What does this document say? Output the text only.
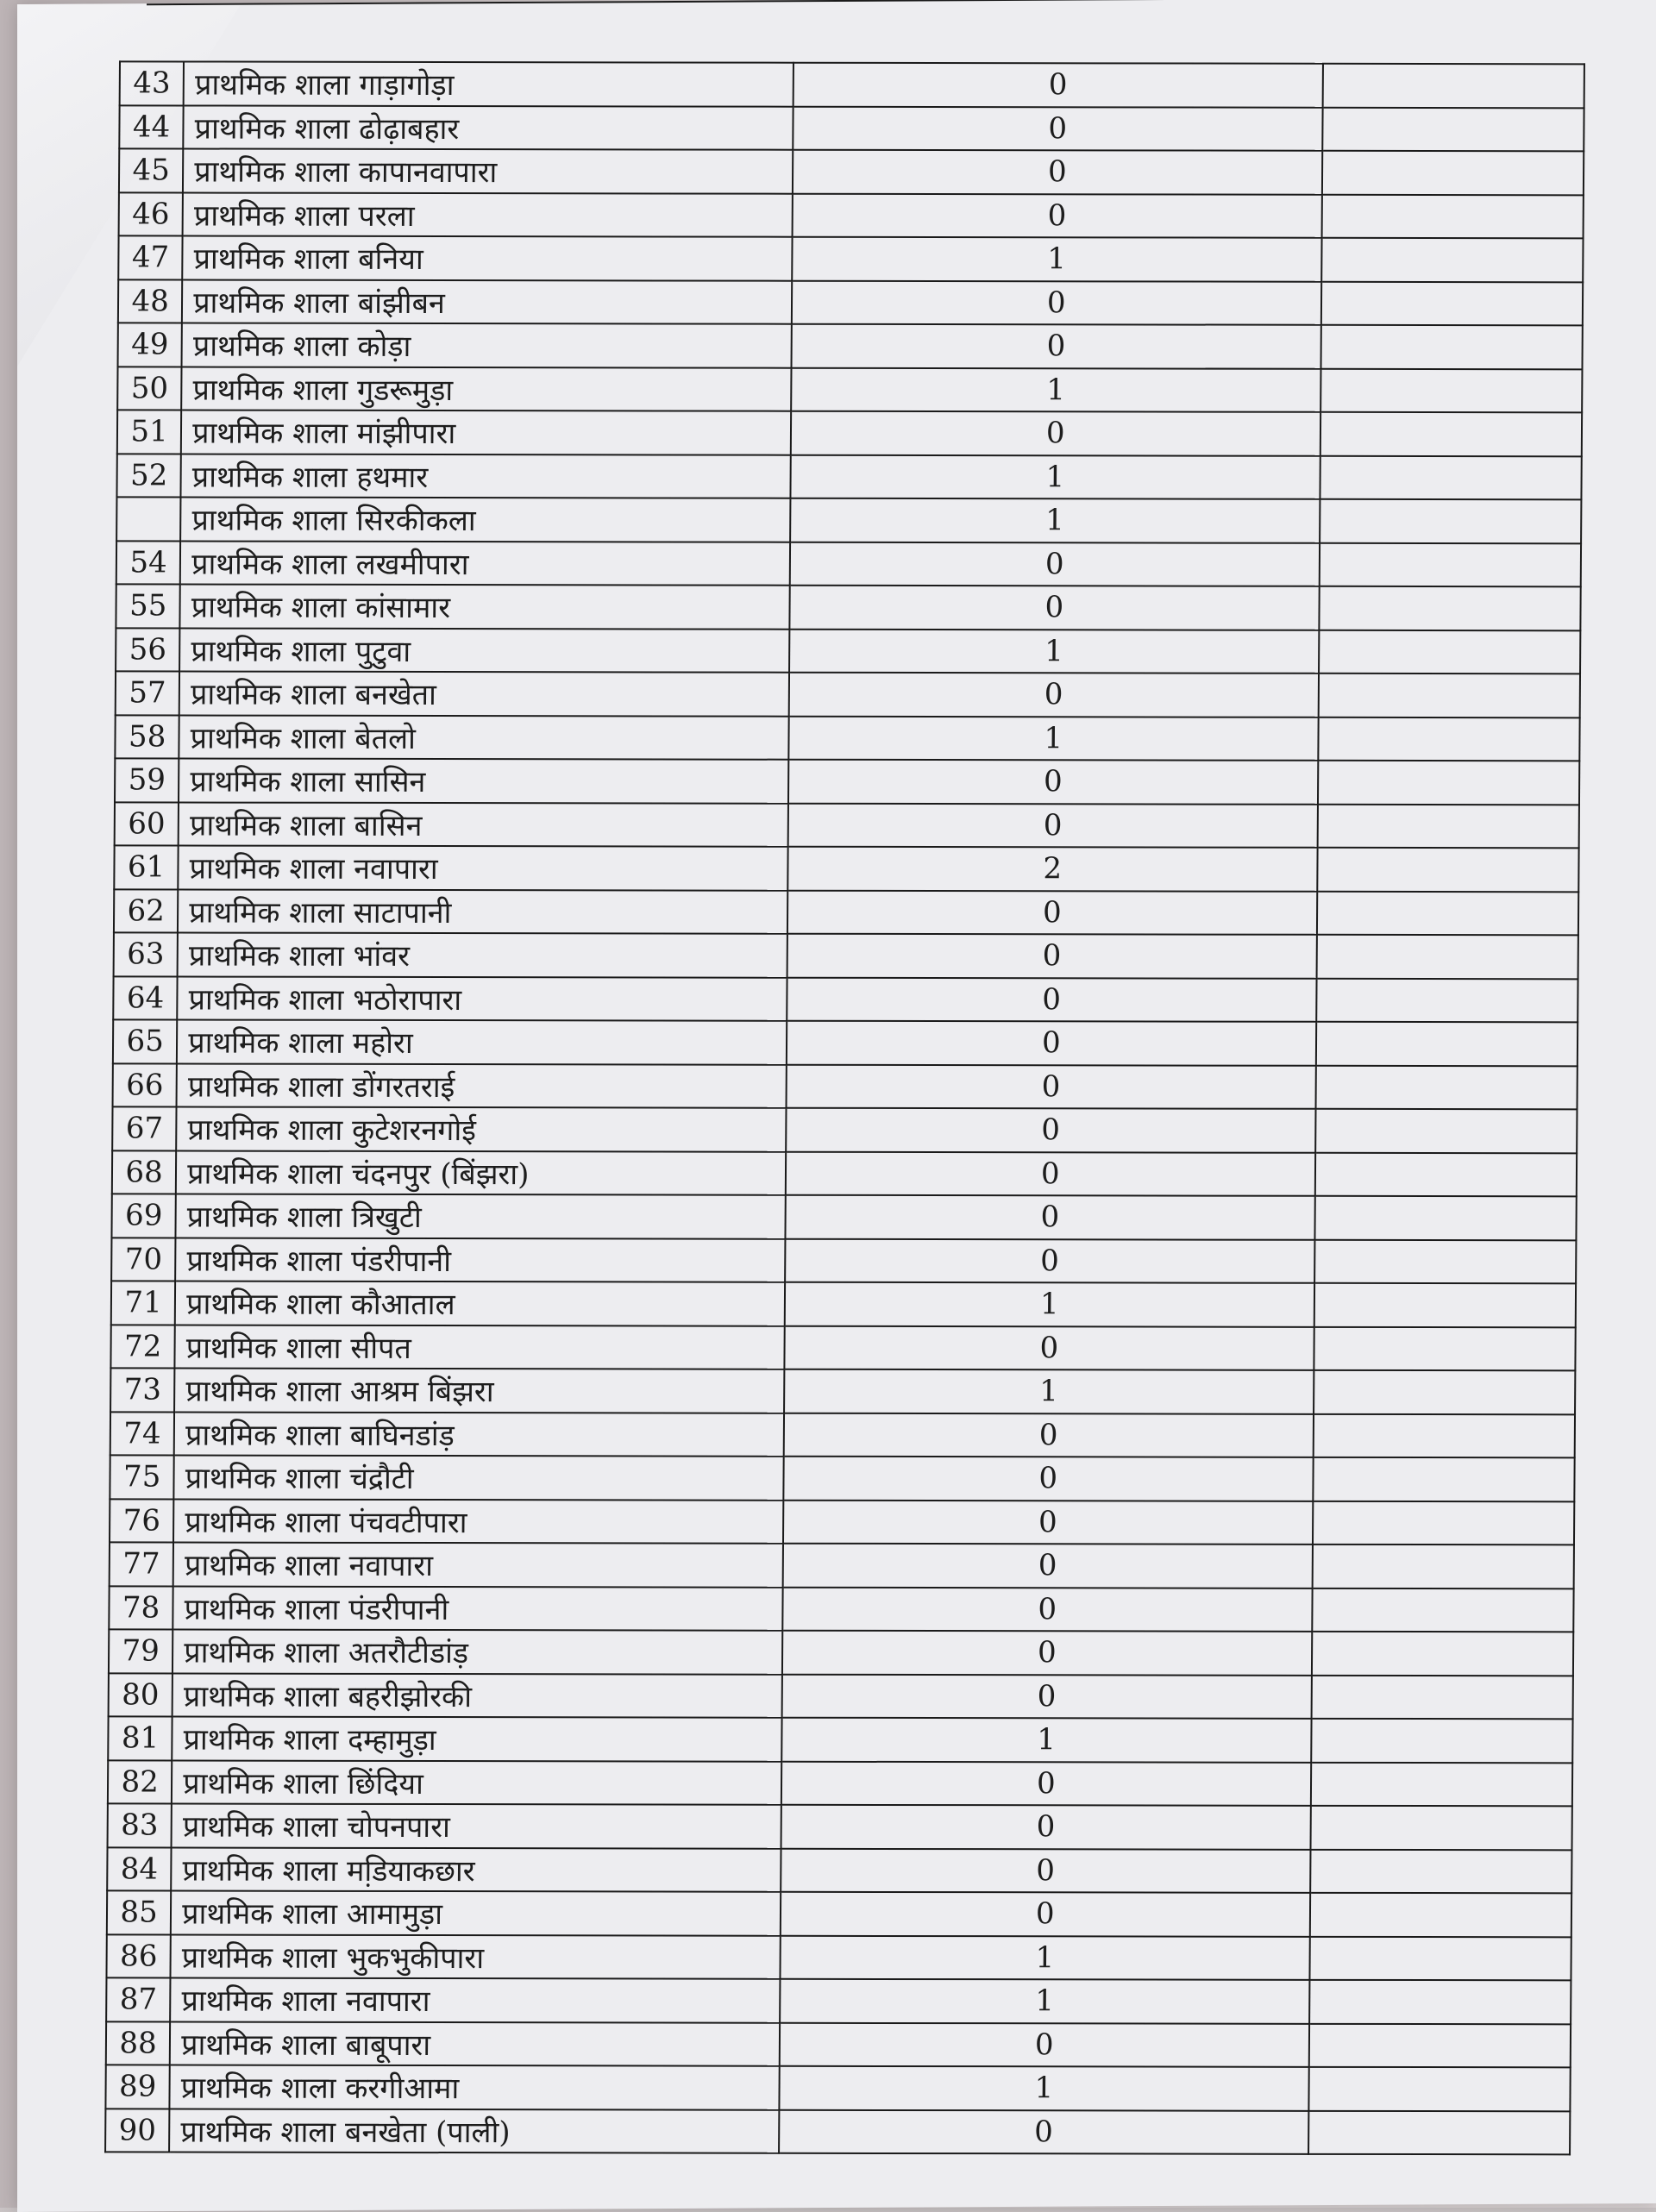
43	प्राथमिक शाला गाड़ागोड़ा	0	
44	प्राथमिक शाला ढोढ़ाबहार	0	
45	प्राथमिक शाला कापानवापारा	0	
46	प्राथमिक शाला परला	0	
47	प्राथमिक शाला बनिया	1	
48	प्राथमिक शाला बांझीबन	0	
49	प्राथमिक शाला कोड़ा	0	
50	प्राथमिक शाला गुडरूमुड़ा	1	
51	प्राथमिक शाला मांझीपारा	0	
52	प्राथमिक शाला हथमार	1	
	प्राथमिक शाला सिरकीकला	1	
54	प्राथमिक शाला लखमीपारा	0	
55	प्राथमिक शाला कांसामार	0	
56	प्राथमिक शाला पुटुवा	1	
57	प्राथमिक शाला बनखेता	0	
58	प्राथमिक शाला बेतलो	1	
59	प्राथमिक शाला सासिन	0	
60	प्राथमिक शाला बासिन	0	
61	प्राथमिक शाला नवापारा	2	
62	प्राथमिक शाला साटापानी	0	
63	प्राथमिक शाला भांवर	0	
64	प्राथमिक शाला भठोरापारा	0	
65	प्राथमिक शाला महोरा	0	
66	प्राथमिक शाला डोंगरतराई	0	
67	प्राथमिक शाला कुटेशरनगोई	0	
68	प्राथमिक शाला चंदनपुर (बिंझरा)	0	
69	प्राथमिक शाला त्रिखुटी	0	
70	प्राथमिक शाला पंडरीपानी	0	
71	प्राथमिक शाला कौआताल	1	
72	प्राथमिक शाला सीपत	0	
73	प्राथमिक शाला आश्रम बिंझरा	1	
74	प्राथमिक शाला बाघिनडांड़	0	
75	प्राथमिक शाला चंद्रौटी	0	
76	प्राथमिक शाला पंचवटीपारा	0	
77	प्राथमिक शाला नवापारा	0	
78	प्राथमिक शाला पंडरीपानी	0	
79	प्राथमिक शाला अतरौटीडांड़	0	
80	प्राथमिक शाला बहरीझोरकी	0	
81	प्राथमिक शाला दम्हामुड़ा	1	
82	प्राथमिक शाला छिंदिया	0	
83	प्राथमिक शाला चोपनपारा	0	
84	प्राथमिक शाला मडि़याकछार	0	
85	प्राथमिक शाला आमामुड़ा	0	
86	प्राथमिक शाला भुकभुकीपारा	1	
87	प्राथमिक शाला नवापारा	1	
88	प्राथमिक शाला बाबूपारा	0	
89	प्राथमिक शाला करगीआमा	1	
90	प्राथमिक शाला बनखेता (पाली)	0	
